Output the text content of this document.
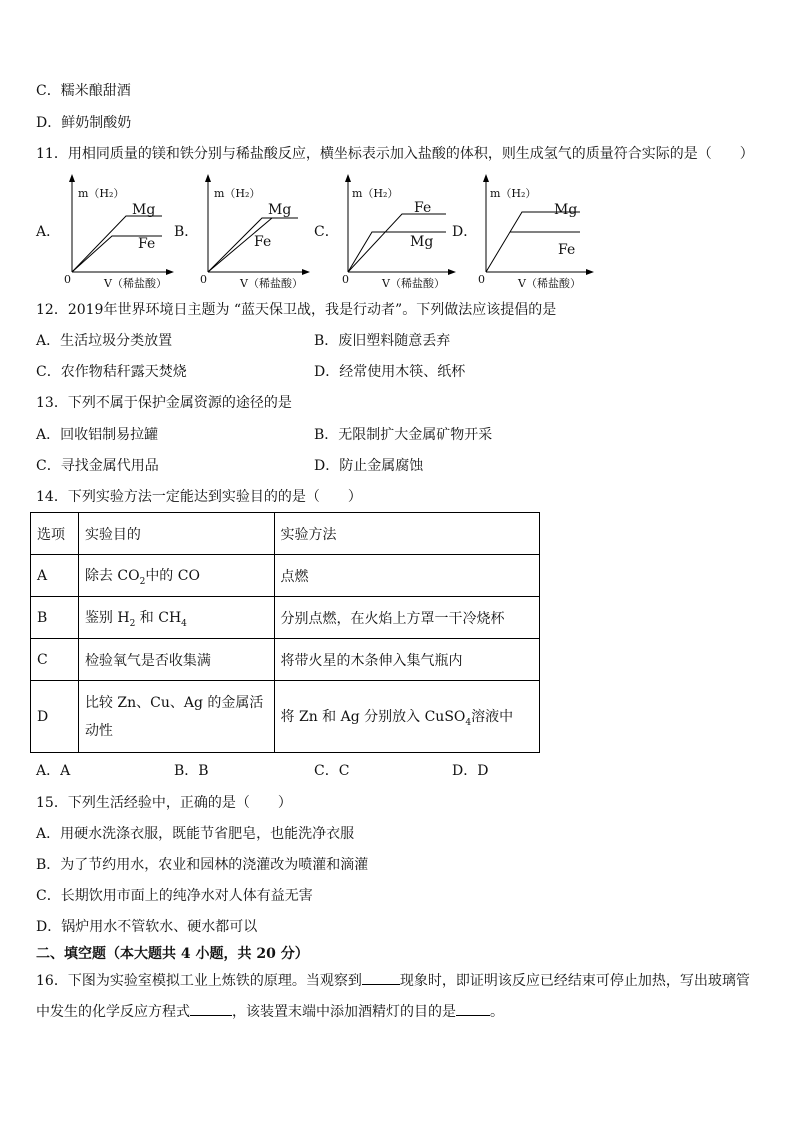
C．糯米酿甜酒
D．鲜奶制酸奶
11．用相同质量的镁和铁分别与稀盐酸反应，横坐标表示加入盐酸的体积，则生成氢气的质量符合实际的是（　　）
A．
m（H₂）
Mg
Fe
0	V（稀盐酸）
B．
m（H₂）
Mg
Fe
0	V（稀盐酸）
C．
m（H₂）
Fe
Mg
0	V（稀盐酸）
D．
m（H₂）
Mg
Fe
0	V（稀盐酸）
12．2019年世界环境日主题为 “蓝天保卫战，我是行动者”。下列做法应该提倡的是
A．生活垃圾分类放置	B．废旧塑料随意丢弃
C．农作物秸秆露天焚烧	D．经常使用木筷、纸杯
13．下列不属于保护金属资源的途径的是
A．回收铝制易拉罐	B．无限制扩大金属矿物开采
C．寻找金属代用品	D．防止金属腐蚀
14．下列实验方法一定能达到实验目的的是（　　）
选项	实验目的	实验方法
A	除去 $CO_2$中的 CO	点燃
B	鉴别 $H_2$ 和 $CH_4$	分别点燃，在火焰上方罩一干冷烧杯
C	检验氧气是否收集满	将带火星的木条伸入集气瓶内
D	比较 Zn、Cu、Ag 的金属活动性	将 Zn 和 Ag 分别放入 CuSO$_4$溶液中
A．A	B．B	C．C	D．D
15．下列生活经验中，正确的是（　　）
A．用硬水洗涤衣服，既能节省肥皂，也能洗净衣服
B．为了节约用水，农业和园林的浇灌改为喷灌和滴灌
C．长期饮用市面上的纯净水对人体有益无害
D．锅炉用水不管软水、硬水都可以
二、填空题（本大题共 4 小题，共 20 分）
16．下图为实验室模拟工业上炼铁的原理。当观察到	现象时，即证明该反应已经结束可停止加热，写出玻璃管
中发生的化学反应方程式	，该装置末端中添加酒精灯的目的是 。
